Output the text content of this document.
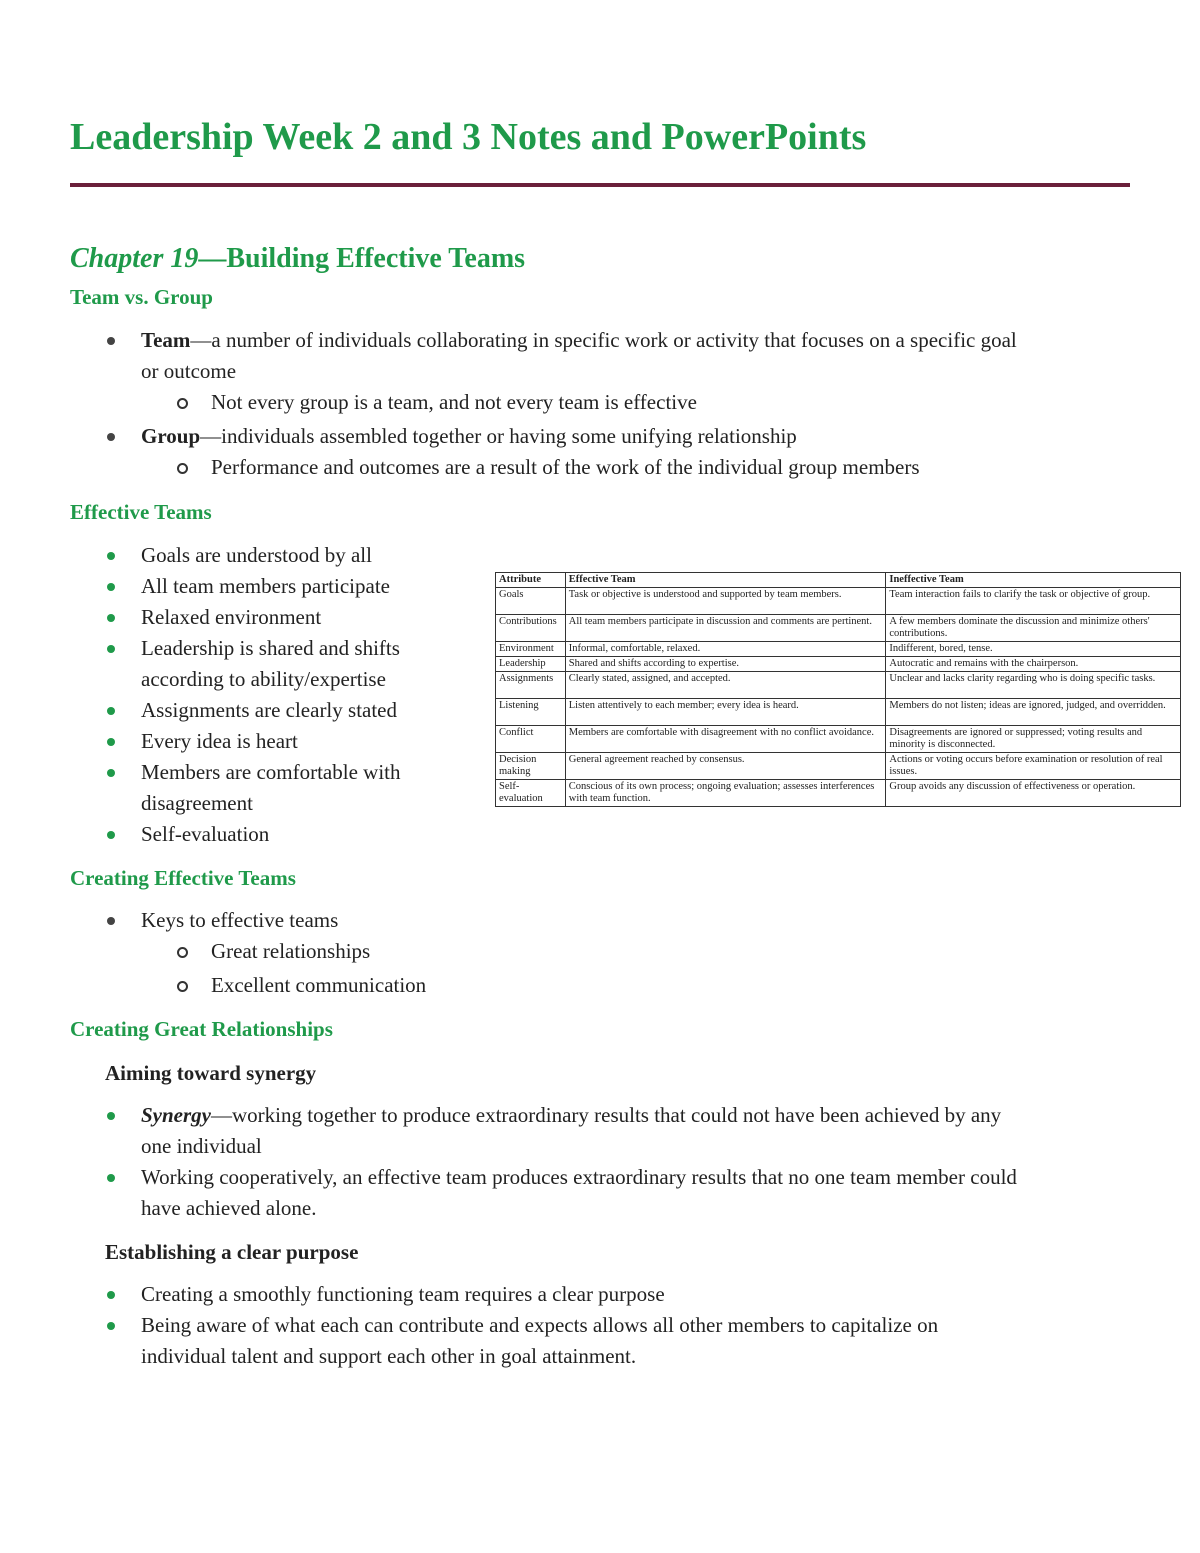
Leadership Week 2 and 3 Notes and PowerPoints
Chapter 19—Building Effective Teams
Team vs. Group
Team—a number of individuals collaborating in specific work or activity that focuses on a specific goal
or outcome
Not every group is a team, and not every team is effective
Group—individuals assembled together or having some unifying relationship
Performance and outcomes are a result of the work of the individual group members
Effective Teams
Goals are understood by all
All team members participate
Relaxed environment
Leadership is shared and shifts
according to ability/expertise
Assignments are clearly stated
Every idea is heart
Members are comfortable with
disagreement
Self-evaluation
Attribute	Effective Team	Ineffective Team
Goals	Task or objective is understood and supported by team members.	Team interaction fails to clarify the task or objective of group.
Contributions	All team members participate in discussion and comments are pertinent.	A few members dominate the discussion and minimize others' contributions.
Environment	Informal, comfortable, relaxed.	Indifferent, bored, tense.
Leadership	Shared and shifts according to expertise.	Autocratic and remains with the chairperson.
Assignments	Clearly stated, assigned, and accepted.	Unclear and lacks clarity regarding who is doing specific tasks.
Listening	Listen attentively to each member; every idea is heard.	Members do not listen; ideas are ignored, judged, and overridden.
Conflict	Members are comfortable with disagreement with no conflict avoidance.	Disagreements are ignored or suppressed; voting results and minority is disconnected.
Decision making	General agreement reached by consensus.	Actions or voting occurs before examination or resolution of real issues.
Self-evaluation	Conscious of its own process; ongoing evaluation; assesses interferences with team function.	Group avoids any discussion of effectiveness or operation.
Creating Effective Teams
Keys to effective teams
Great relationships
Excellent communication
Creating Great Relationships
Aiming toward synergy
Synergy—working together to produce extraordinary results that could not have been achieved by any
one individual
Working cooperatively, an effective team produces extraordinary results that no one team member could
have achieved alone.
Establishing a clear purpose
Creating a smoothly functioning team requires a clear purpose
Being aware of what each can contribute and expects allows all other members to capitalize on
individual talent and support each other in goal attainment.
